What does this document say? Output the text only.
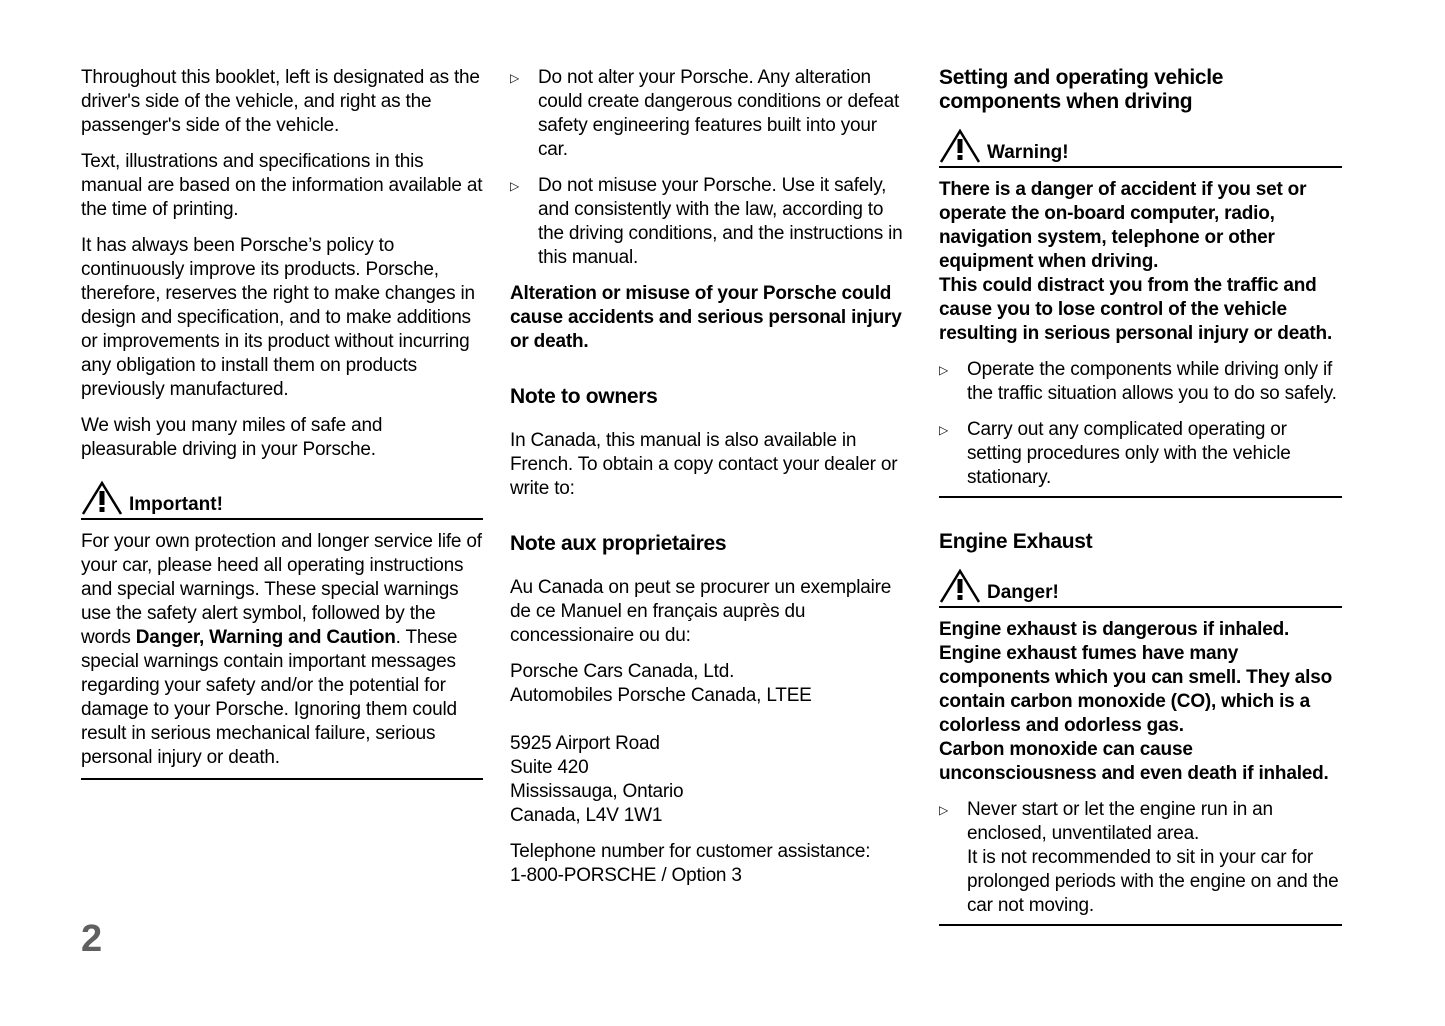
Throughout this booklet, left is designated as the driver's side of the vehicle, and right as the passenger's side of the vehicle.

Text, illustrations and specifications in this manual are based on the information available at the time of printing.

It has always been Porsche’s policy to continuously improve its products. Porsche, therefore, reserves the right to make changes in design and specification, and to make additions or improvements in its product without incurring any obligation to install them on products previously manufactured.

We wish you many miles of safe and pleasurable driving in your Porsche.

Important!

For your own protection and longer service life of your car, please heed all operating instructions and special warnings. These special warnings use the safety alert symbol, followed by the words Danger, Warning and Caution. These special warnings contain important messages regarding your safety and/or the potential for damage to your Porsche. Ignoring them could result in serious mechanical failure, serious personal injury or death.

▷ Do not alter your Porsche. Any alteration could create dangerous conditions or defeat safety engineering features built into your car.

▷ Do not misuse your Porsche. Use it safely, and consistently with the law, according to the driving conditions, and the instructions in this manual.

Alteration or misuse of your Porsche could cause accidents and serious personal injury or death.

Note to owners

In Canada, this manual is also available in French. To obtain a copy contact your dealer or write to:

Note aux proprietaires

Au Canada on peut se procurer un exemplaire de ce Manuel en français auprès du concessionaire ou du:

Porsche Cars Canada, Ltd.

Automobiles Porsche Canada, LTEE

5925 Airport Road

Suite 420

Mississauga, Ontario

Canada, L4V 1W1

Telephone number for customer assistance:

1-800-PORSCHE / Option 3

Setting and operating vehicle components when driving

Warning!

There is a danger of accident if you set or operate the on-board computer, radio, navigation system, telephone or other equipment when driving.

This could distract you from the traffic and cause you to lose control of the vehicle resulting in serious personal injury or death.

▷ Operate the components while driving only if the traffic situation allows you to do so safely.

▷ Carry out any complicated operating or setting procedures only with the vehicle stationary.

Engine Exhaust

Danger!

Engine exhaust is dangerous if inhaled. Engine exhaust fumes have many components which you can smell. They also contain carbon monoxide (CO), which is a colorless and odorless gas.

Carbon monoxide can cause unconsciousness and even death if inhaled.

▷ Never start or let the engine run in an enclosed, unventilated area.

It is not recommended to sit in your car for prolonged periods with the engine on and the car not moving.

2
